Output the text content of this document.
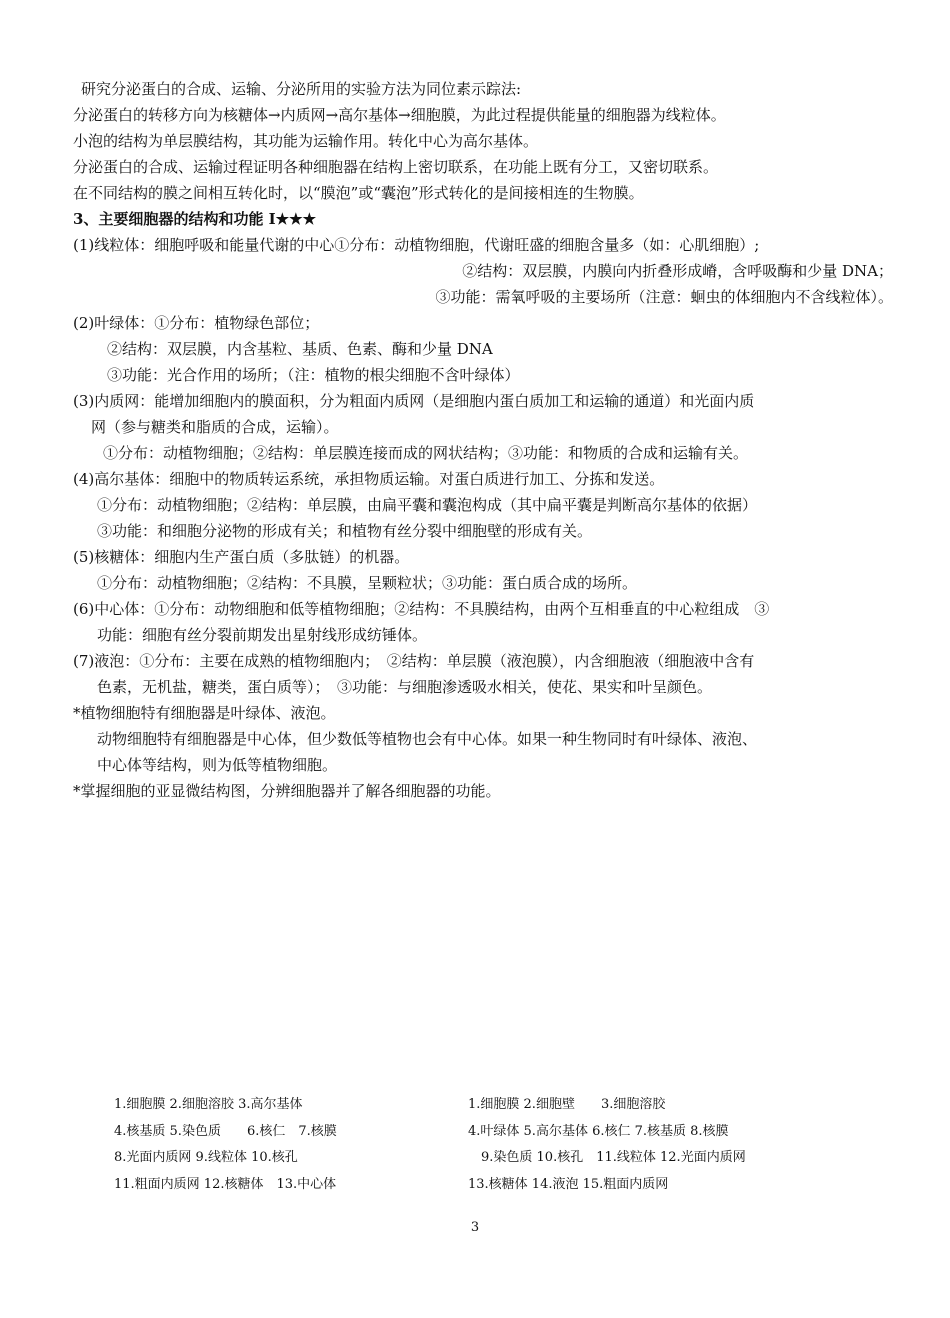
研究分泌蛋白的合成、运输、分泌所用的实验方法为同位素示踪法:
分泌蛋白的转移方向为核糖体→内质网→高尔基体→细胞膜，为此过程提供能量的细胞器为线粒体。
小泡的结构为单层膜结构，其功能为运输作用。转化中心为高尔基体。
分泌蛋白的合成、运输过程证明各种细胞器在结构上密切联系，在功能上既有分工，又密切联系。
在不同结构的膜之间相互转化时，以“膜泡”或“囊泡”形式转化的是间接相连的生物膜。
3、主要细胞器的结构和功能 I★★★
(1)线粒体：细胞呼吸和能量代谢的中心①分布：动植物细胞，代谢旺盛的细胞含量多（如：心肌细胞）;
②结构：双层膜，内膜向内折叠形成嵴，含呼吸酶和少量 DNA；
③功能：需氧呼吸的主要场所（注意：蛔虫的体细胞内不含线粒体）。
(2)叶绿体：①分布：植物绿色部位；
②结构：双层膜，内含基粒、基质、色素、酶和少量 DNA
③功能：光合作用的场所；（注：植物的根尖细胞不含叶绿体）
(3)内质网：能增加细胞内的膜面积，分为粗面内质网（是细胞内蛋白质加工和运输的通道）和光面内质
网（参与糖类和脂质的合成，运输）。
①分布：动植物细胞；②结构：单层膜连接而成的网状结构；③功能：和物质的合成和运输有关。
(4)高尔基体：细胞中的物质转运系统，承担物质运输。对蛋白质进行加工、分拣和发送。
①分布：动植物细胞；②结构：单层膜，由扁平囊和囊泡构成（其中扁平囊是判断高尔基体的依据）
③功能：和细胞分泌物的形成有关；和植物有丝分裂中细胞壁的形成有关。
(5)核糖体：细胞内生产蛋白质（多肽链）的机器。
①分布：动植物细胞；②结构：不具膜，呈颗粒状；③功能：蛋白质合成的场所。
(6)中心体：①分布：动物细胞和低等植物细胞；②结构：不具膜结构，由两个互相垂直的中心粒组成　③
功能：细胞有丝分裂前期发出星射线形成纺锤体。
(7)液泡：①分布：主要在成熟的植物细胞内；　②结构：单层膜（液泡膜），内含细胞液（细胞液中含有
色素，无机盐，糖类，蛋白质等）；　③功能：与细胞渗透吸水相关，使花、果实和叶呈颜色。
*植物细胞特有细胞器是叶绿体、液泡。
动物细胞特有细胞器是中心体，但少数低等植物也会有中心体。如果一种生物同时有叶绿体、液泡、
中心体等结构，则为低等植物细胞。
*掌握细胞的亚显微结构图，分辨细胞器并了解各细胞器的功能。
1.细胞膜 2.细胞溶胶 3.高尔基体
4.核基质 5.染色质　　6.核仁　7.核膜
8.光面内质网 9.线粒体 10.核孔
11.粗面内质网 12.核糖体　13.中心体
1.细胞膜 2.细胞壁　　3.细胞溶胶
4.叶绿体 5.高尔基体 6.核仁 7.核基质 8.核膜
　9.染色质 10.核孔　11.线粒体 12.光面内质网
13.核糖体 14.液泡 15.粗面内质网
3
